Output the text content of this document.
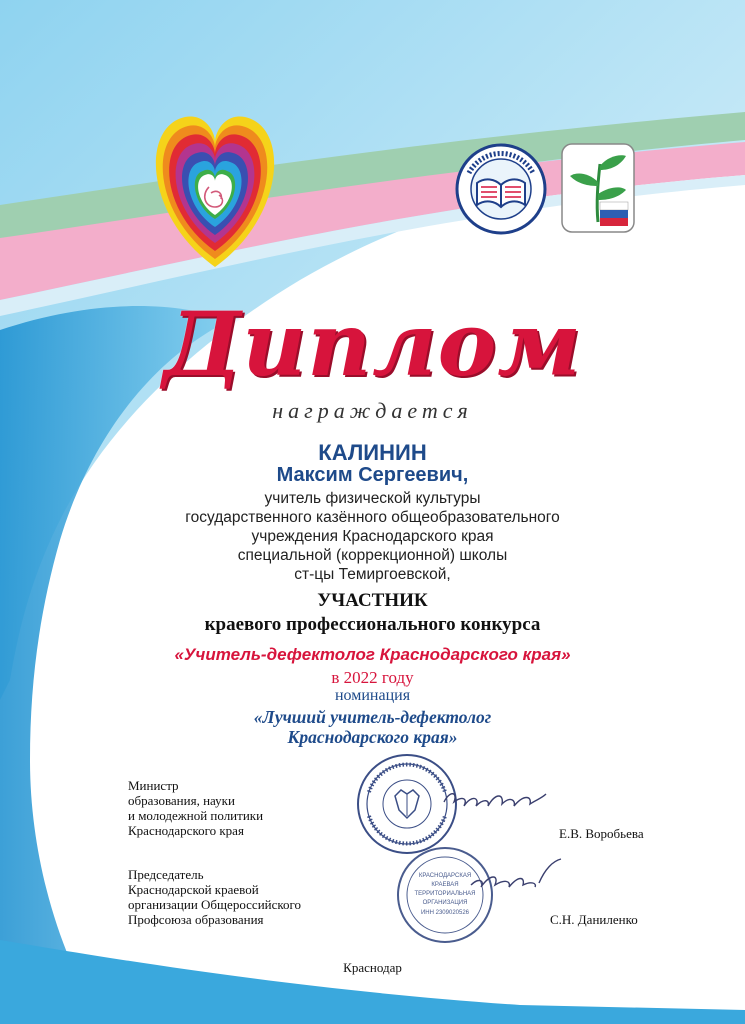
Диплом
награждается
КАЛИНИН
Максим Сергеевич,
учитель физической культуры
государственного казённого общеобразовательного
учреждения Краснодарского края
специальной (коррекционной) школы
ст-цы Темиргоевской,
УЧАСТНИК
краевого профессионального конкурса
«Учитель-дефектолог Краснодарского края»
в 2022 году
номинация
«Лучший учитель-дефектолог
Краснодарского края»
КРАСНОДАРСКАЯ
КРАЕВАЯ
ТЕРРИТОРИАЛЬНАЯ
ОРГАНИЗАЦИЯ
ИНН 2309020526
Министр
образования, науки
и молодежной политики
Краснодарского края	Е.В. Воробьева
Председатель
Краснодарской краевой
организации Общероссийского
Профсоюза образования	С.Н. Даниленко
Краснодар
